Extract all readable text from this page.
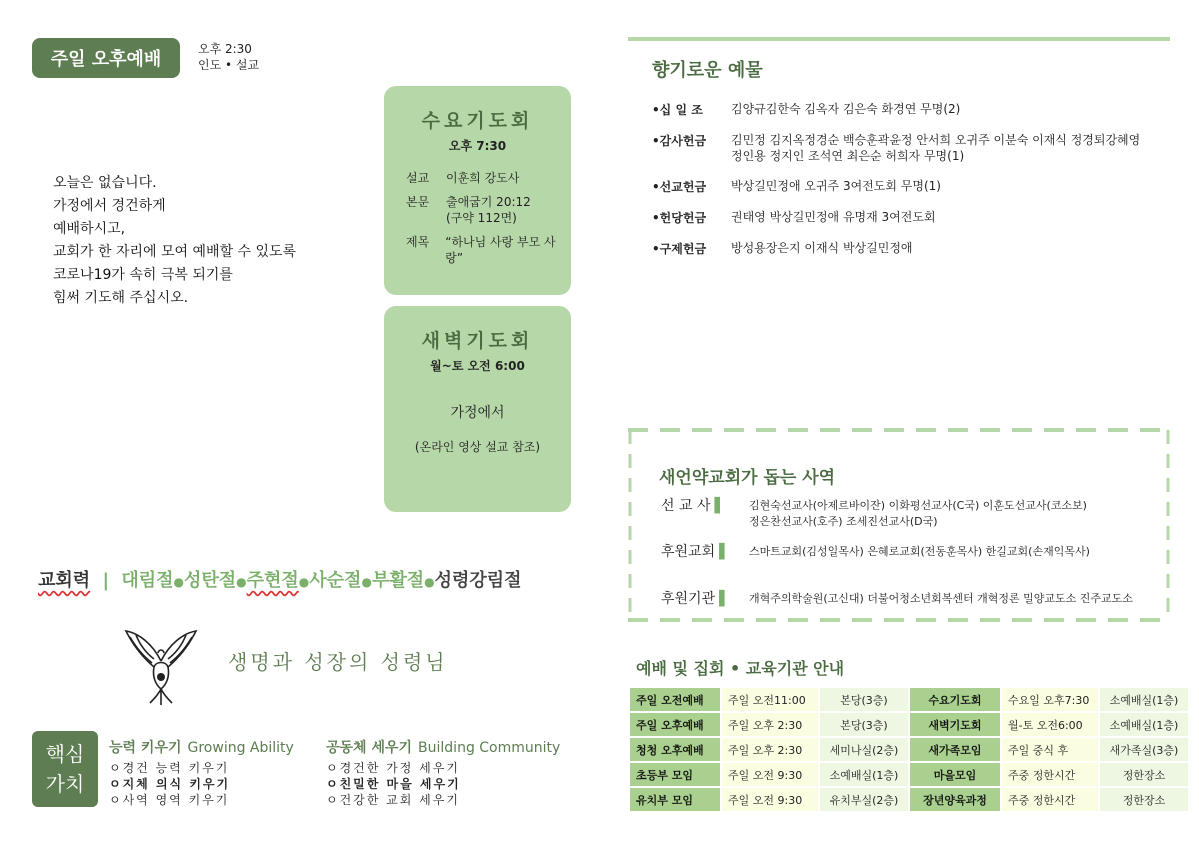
주일 오후예배	오후 2:30
인도 • 설교
오늘은 없습니다.
가정에서 경건하게
예배하시고,
교회가 한 자리에 모여 예배할 수 있도록
코로나19가 속히 극복 되기를
힘써 기도해 주십시오.
수요기도회
오후 7:30
설교	이훈희 강도사
본문	출애굽기 20:12
(구약 112면)
제목	“하나님 사랑 부모 사랑”
새벽기도회
월~토 오전 6:00
가정에서
(온라인 영상 설교 참조)
교회력 | 대림절●성탄절●주현절●사순절●부활절●성령강림절
생명과 성장의 성령님
핵심
가치
능력 키우기 Growing Ability
ㅇ경건 능력 키우기
ㅇ지체 의식 키우기
ㅇ사역 영역 키우기
공동체 세우기 Building Community
ㅇ경건한 가정 세우기
ㅇ친밀한 마을 세우기
ㅇ건강한 교회 세우기
향기로운 예물
•십 일 조 김양규김한숙 김옥자 김은숙 화경연 무명(2)
•감사헌금 김민정 김지옥정경순 백승훈곽윤정 안서희 오귀주 이분숙 이재식 정경퇴강혜영
정인용 정지인 조석연 최은순 허희자 무명(1)
•선교헌금 박상길민정애 오귀주 3여전도회 무명(1)
•헌당헌금 권태영 박상길민정애 유명재 3여전도회
•구제헌금 방성용장은지 이재식 박상길민정애
새언약교회가 돕는 사역
선 교 사 ▌ 김현숙선교사(아제르바이잔) 이화평선교사(C국) 이훈도선교사(코소보)
정은찬선교사(호주) 조세진선교사(D국)
후원교회 ▌ 스마트교회(김성일목사) 은혜로교회(전동훈목사) 한길교회(손재익목사)
후원기관 ▌ 개혁주의학술원(고신대) 더불어청소년회복센터 개혁정론 밀양교도소 진주교도소
예배 및 집회 • 교육기관 안내
주일 오전예배	주일 오전11:00	본당(3층)	수요기도회	수요일 오후7:30	소예배실(1층)
주일 오후예배	주일 오후 2:30	본당(3층)	새벽기도회	월-토 오전6:00	소예배실(1층)
청청 오후예배	주일 오후 2:30	세미나실(2층)	새가족모임	주일 중식 후	새가족실(3층)
초등부 모임	주일 오전 9:30	소예배실(1층)	마을모임	주중 정한시간	정한장소
유치부 모임	주일 오전 9:30	유치부실(2층)	장년양육과정	주중 정한시간	정한장소
